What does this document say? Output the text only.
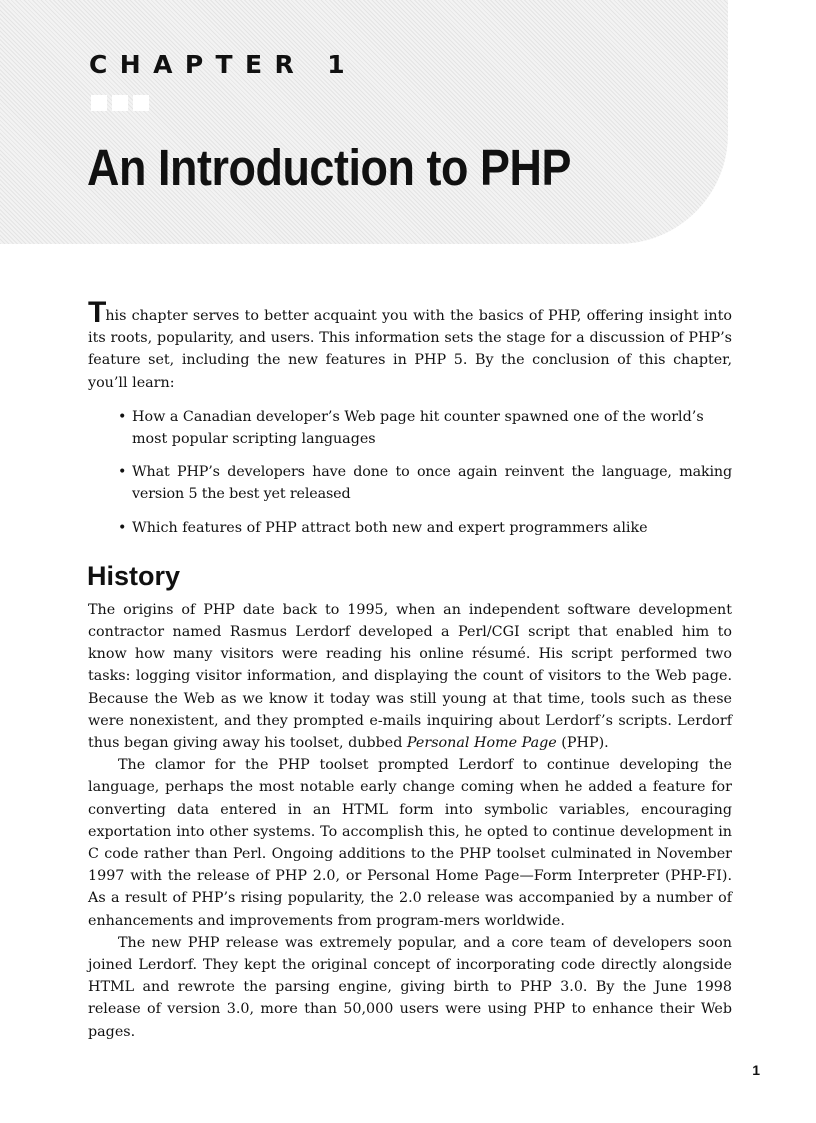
CHAPTER 1

An Introduction to PHP

This chapter serves to better acquaint you with the basics of PHP, offering insight into its roots, popularity, and users. This information sets the stage for a discussion of PHP’s feature set, including the new features in PHP 5. By the conclusion of this chapter, you’ll learn:

• How a Canadian developer’s Web page hit counter spawned one of the world’s most popular scripting languages
• What PHP’s developers have done to once again reinvent the language, making version 5 the best yet released
• Which features of PHP attract both new and expert programmers alike
History

The origins of PHP date back to 1995, when an independent software development contractor named Rasmus Lerdorf developed a Perl/CGI script that enabled him to know how many visitors were reading his online résumé. His script performed two tasks: logging visitor information, and displaying the count of visitors to the Web page. Because the Web as we know it today was still young at that time, tools such as these were nonexistent, and they prompted e-mails inquiring about Lerdorf’s scripts. Lerdorf thus began giving away his toolset, dubbed Personal Home Page (PHP).

The clamor for the PHP toolset prompted Lerdorf to continue developing the language, perhaps the most notable early change coming when he added a feature for converting data entered in an HTML form into symbolic variables, encouraging exportation into other systems. To accomplish this, he opted to continue development in C code rather than Perl. Ongoing additions to the PHP toolset culminated in November 1997 with the release of PHP 2.0, or Personal Home Page—Form Interpreter (PHP-FI). As a result of PHP’s rising popularity, the 2.0 release was accompanied by a number of enhancements and improvements from program-mers worldwide.

The new PHP release was extremely popular, and a core team of developers soon joined Lerdorf. They kept the original concept of incorporating code directly alongside HTML and rewrote the parsing engine, giving birth to PHP 3.0. By the June 1998 release of version 3.0, more than 50,000 users were using PHP to enhance their Web pages.

1
